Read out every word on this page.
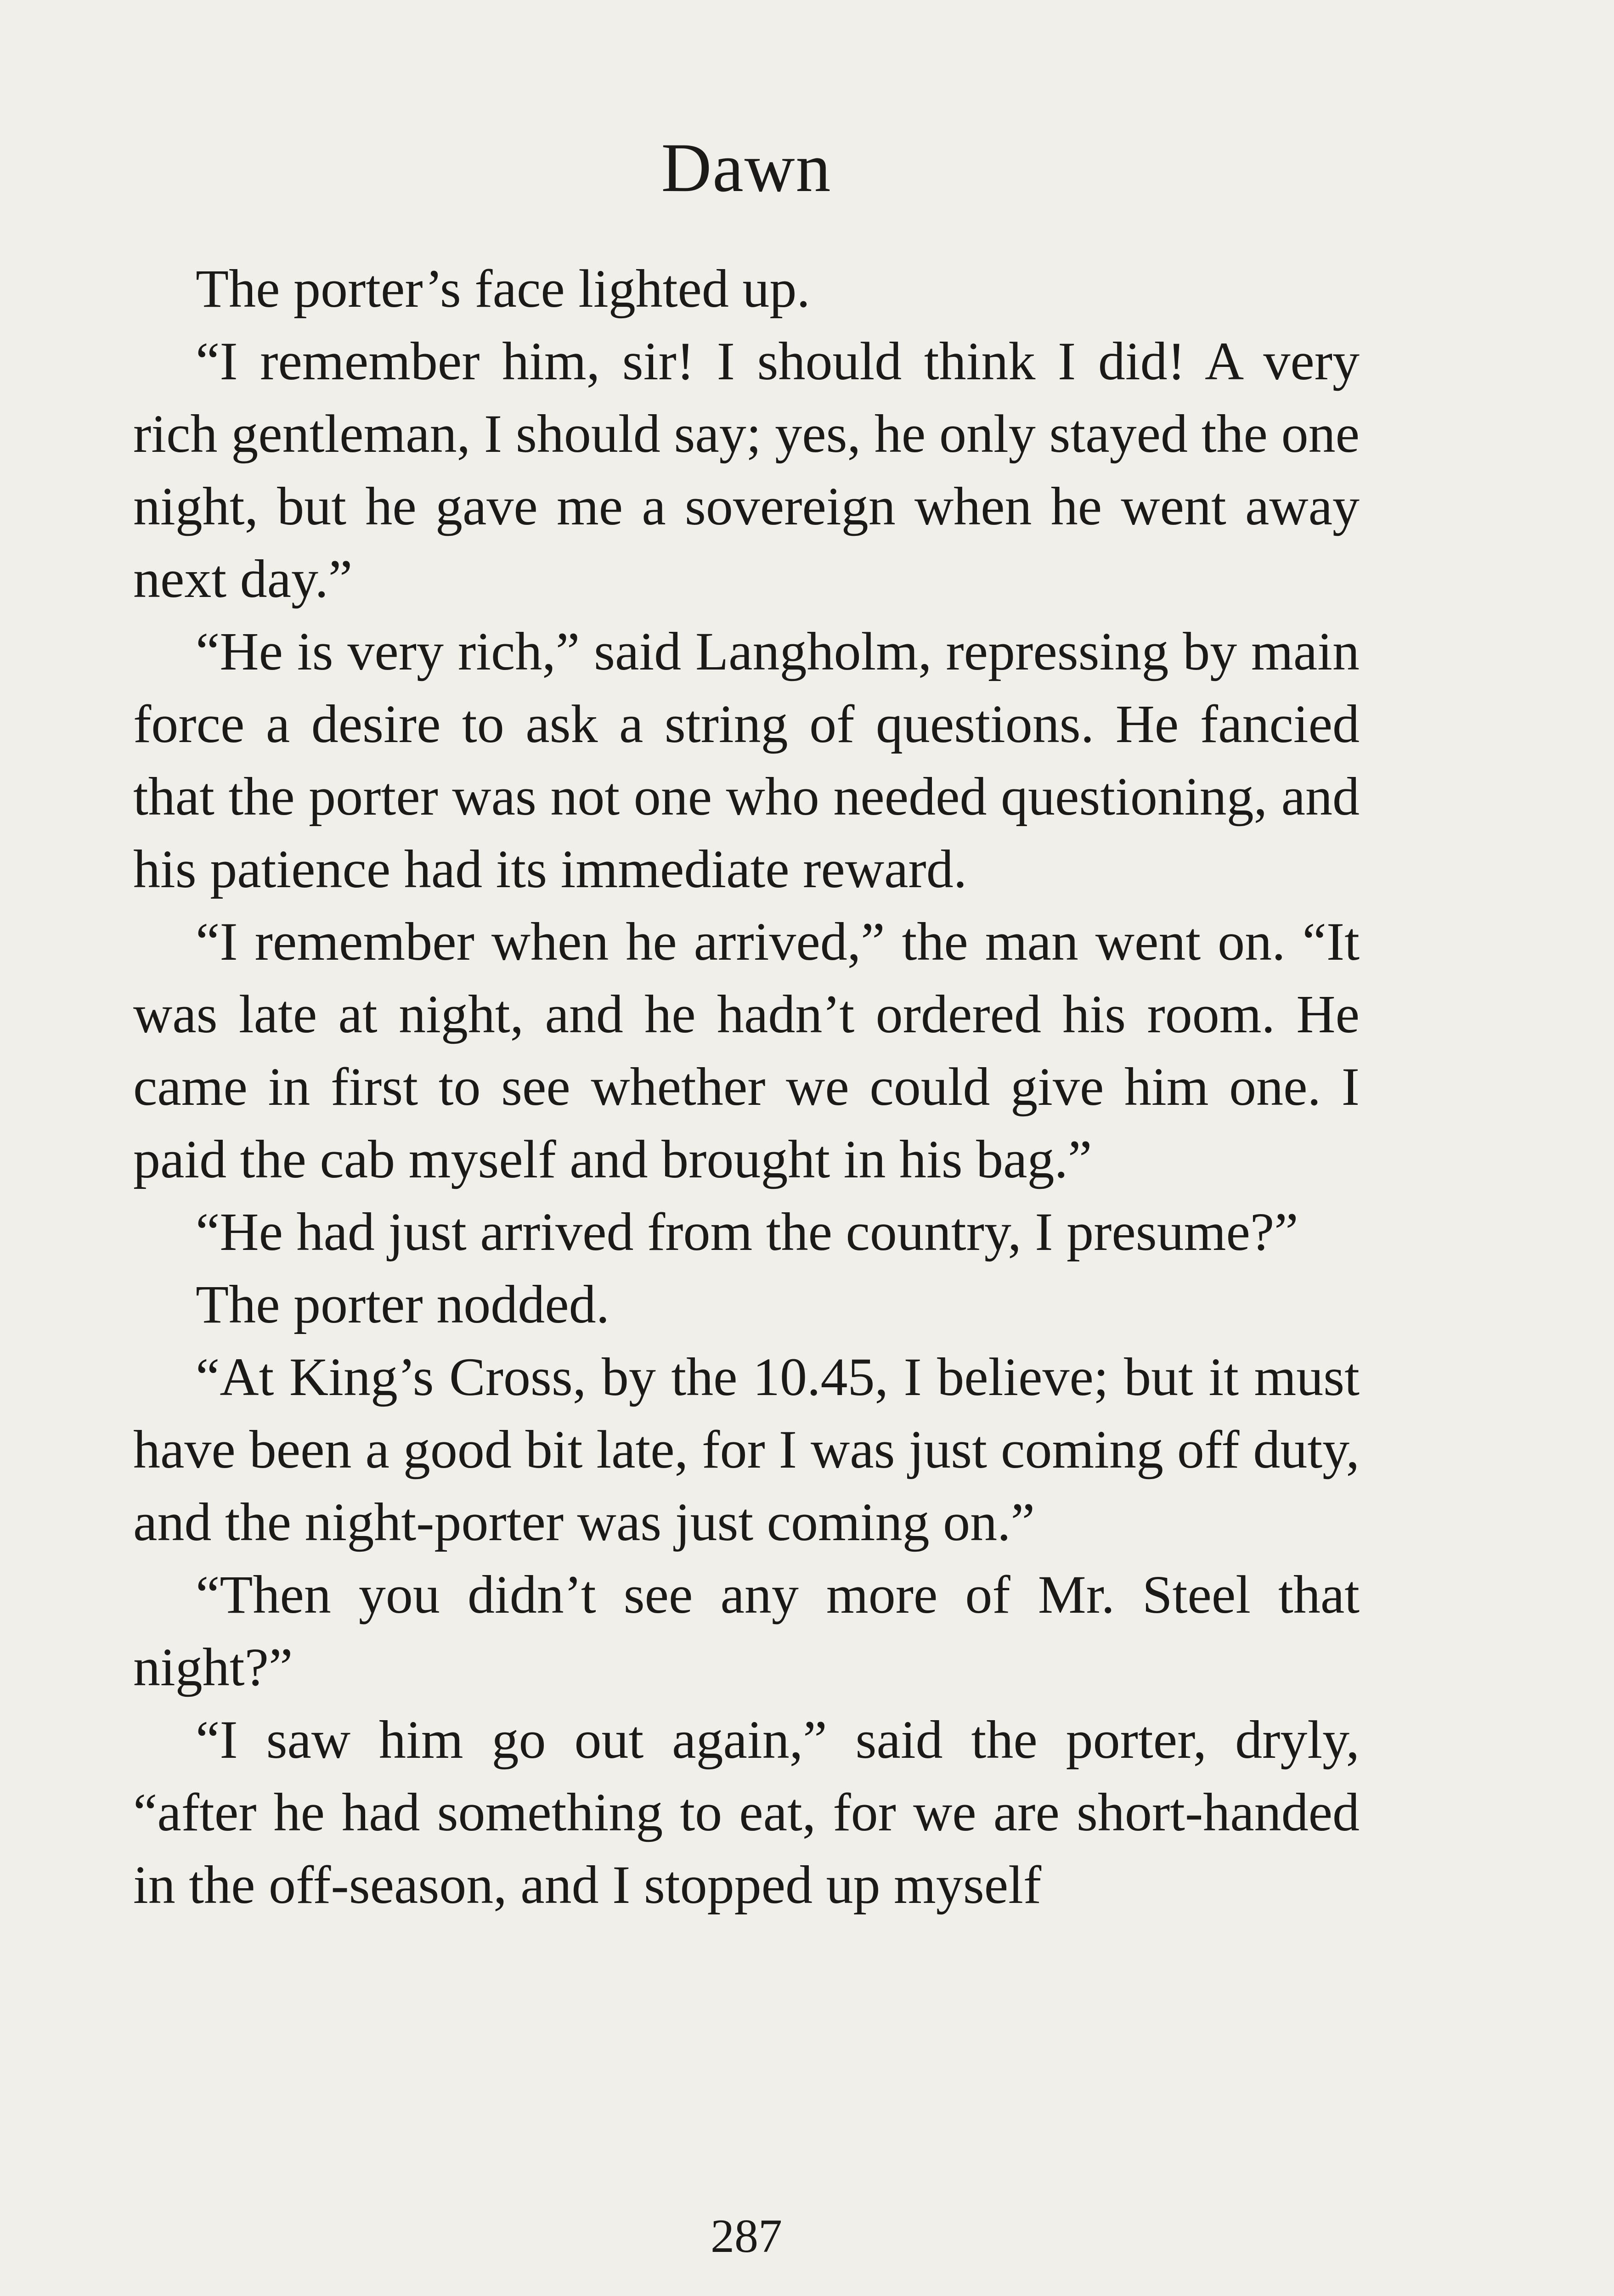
Dawn

The porter’s face lighted up.

“I remember him, sir! I should think I did! A very rich gentleman, I should say; yes, he only stayed the one night, but he gave me a sovereign when he went away next day.”

“He is very rich,” said Langholm, repressing by main force a desire to ask a string of questions. He fancied that the porter was not one who needed questioning, and his patience had its immediate reward.

“I remember when he arrived,” the man went on. “It was late at night, and he hadn’t ordered his room. He came in first to see whether we could give him one. I paid the cab myself and brought in his bag.”

“He had just arrived from the country, I presume?”

The porter nodded.

“At King’s Cross, by the 10.45, I believe; but it must have been a good bit late, for I was just coming off duty, and the night-porter was just coming on.”

“Then you didn’t see any more of Mr. Steel that night?”

“I saw him go out again,” said the porter, dryly, “after he had something to eat, for we are short-handed in the off-season, and I stopped up myself

287
